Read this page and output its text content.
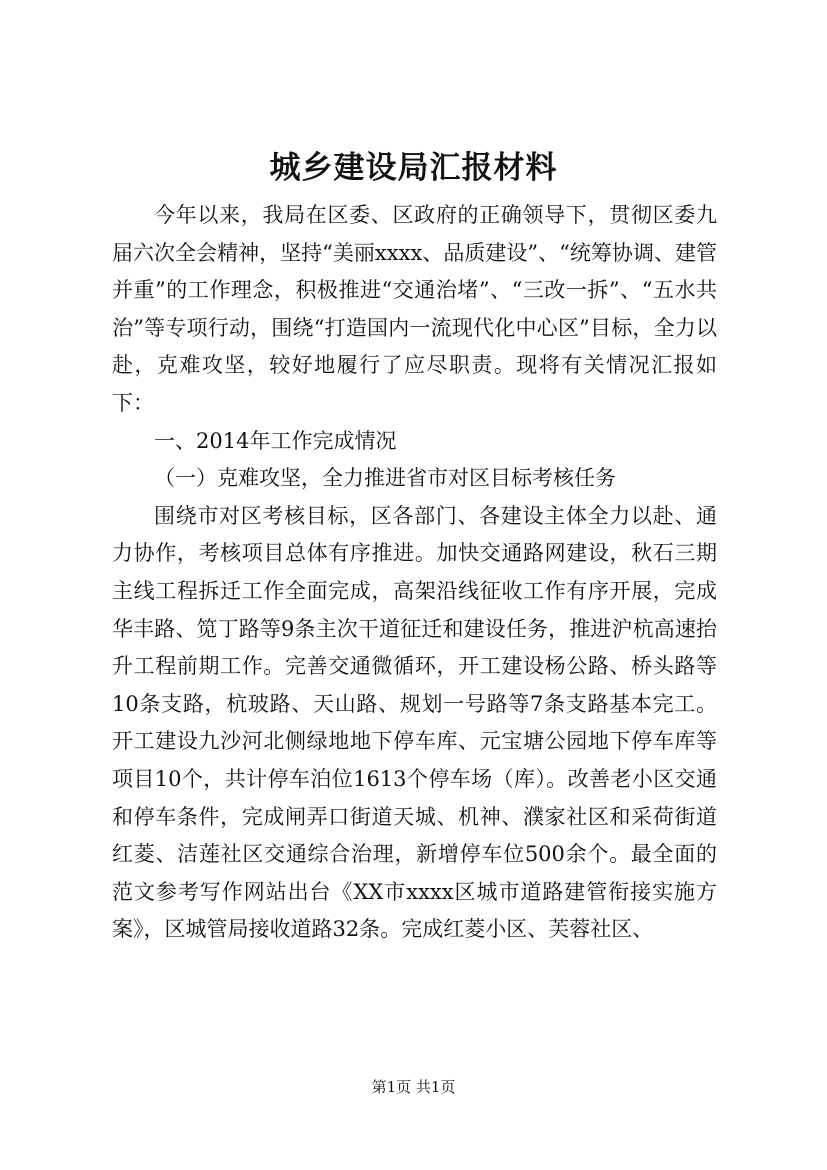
城乡建设局汇报材料

今年以来，我局在区委、区政府的正确领导下，贯彻区委九届六次全会精神，坚持“美丽xxxx、品质建设”、“统筹协调、建管并重”的工作理念，积极推进“交通治堵”、“三改一拆”、“五水共治”等专项行动，围绕“打造国内一流现代化中心区”目标，全力以赴，克难攻坚，较好地履行了应尽职责。现将有关情况汇报如下：

一、2014年工作完成情况

（一）克难攻坚，全力推进省市对区目标考核任务

围绕市对区考核目标，区各部门、各建设主体全力以赴、通力协作，考核项目总体有序推进。加快交通路网建设，秋石三期主线工程拆迁工作全面完成，高架沿线征收工作有序开展，完成华丰路、笕丁路等9条主次干道征迁和建设任务，推进沪杭高速抬升工程前期工作。完善交通微循环，开工建设杨公路、桥头路等10条支路，杭玻路、天山路、规划一号路等7条支路基本完工。开工建设九沙河北侧绿地地下停车库、元宝塘公园地下停车库等项目10个，共计停车泊位1613个停车场（库）。改善老小区交通和停车条件，完成闸弄口街道天城、机神、濮家社区和采荷街道红菱、洁莲社区交通综合治理，新增停车位500余个。最全面的范文参考写作网站出台《XX市xxxx区城市道路建管衔接实施方案》，区城管局接收道路32条。完成红菱小区、芙蓉社区、

第1页 共1页
